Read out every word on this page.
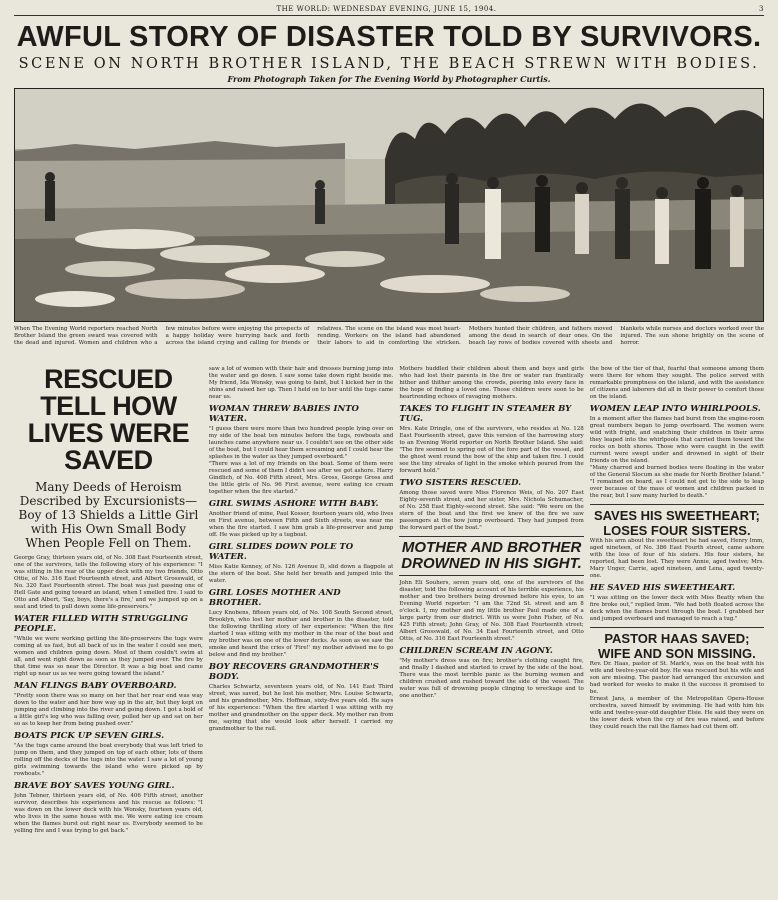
THE WORLD: WEDNESDAY EVENING, JUNE 15, 1904.	3
AWFUL STORY OF DISASTER TOLD BY SURVIVORS.
SCENE ON NORTH BROTHER ISLAND, THE BEACH STREWN WITH BODIES.
From Photograph Taken for The Evening World by Photographer Curtis.
When The Evening World reporters reached North Brother Island the green sward was covered with the dead and injured. Women and children who a few minutes before were enjoying the prospects of a happy holiday were hurrying back and forth across the island crying and calling for friends or relatives. The scene on the island was most heart-rending. Workers on the island had abandoned their labors to aid in comforting the stricken. Mothers hunted their children, and fathers moved among the dead in search of dear ones. On the beach lay rows of bodies covered with sheets and blankets while nurses and doctors worked over the injured. The sun shone brightly on the scene of horror.
RESCUED TELL HOW LIVES WERE SAVED
Many Deeds of Heroism Described by Excursionists—Boy of 13 Shields a Little Girl with His Own Small Body When People Fell on Them.
George Gray, thirteen years old, of No. 308 East Fourteenth street, one of the survivors, tells the following story of his experience: "I was sitting in the rear of the upper deck with my two friends, Otto Ottie, of No. 316 East Fourteenth street, and Albert Grosswald, of No. 320 East Fourteenth street. The boat was just passing one of Hell Gate and going toward an island, when I smelled fire. I said to Otto and Albert, 'Say, boys, there's a fire,' and we jumped up on a seat and tried to pull down some life-preservers."
WATER FILLED WITH STRUGGLING PEOPLE.
"While we were working getting the life-preservers the tugs were coming at us fast, but all back of us in the water I could see men, women and children going down. Most of them couldn't swim at all, and went right down as soon as they jumped over. The fire by that time was so near the Director. It was a big boat and came right up near us as we were going toward the island."
MAN FLINGS BABY OVERBOARD.
"Pretty soon there was so many on her that her rear end was way down to the water and her bow way up in the air, but they kept on jumping and climbing into the river and going down. I got a hold of a little girl's leg who was falling over, pulled her up and sat on her so as to keep her from being pushed over."
BOATS PICK UP SEVEN GIRLS.
"As the tugs came around the boat everybody that was left tried to jump on them, and they jumped on top of each other, lots of them rolling off the decks of the tugs into the water. I saw a lot of young girls swimming towards the island who were picked up by rowboats."
BRAVE BOY SAVES YOUNG GIRL.
John Tebner, thirteen years old, of No. 406 Fifth street, another survivor, describes his experiences and his rescue as follows: "I was down on the lower deck with his Wonsky, fourteen years old, who lives in the same house with me. We were eating ice cream when the flames burst out right near us. Everybody seemed to be yelling fire and I was trying to get back."
saw a lot of women with their hair and dresses burning jump into the water and go down. I saw some take down right beside me. My friend, Ida Wonsky, was going to faint, but I kicked her in the shins and raised her up. Then I held on to her until the tugs came near us.
WOMAN THREW BABIES INTO WATER.
"I guess there were more than two hundred people lying over on my side of the boat ten minutes before the tugs, rowboats and launches came anywhere near us. I couldn't see on the other side of the boat, but I could hear them screaming and I could hear the splashes in the water as they jumped overboard."
"There was a lot of my friends on the boat. Some of them were rescued and some of them I didn't see after we got ashore. Harry Gindlich, of No. 408 Fifth street, Mrs. Gross, George Gross and the little girls of No. 96 First avenue, were eating ice cream together when the fire started."
GIRL SWIMS ASHORE WITH BABY.
Another friend of mine, Paul Kosser, fourteen years old, who lives on First avenue, between Fifth and Sixth streets, was near me when the fire started. I saw him grab a life-preserver and jump off. He was picked up by a tugboat.
GIRL SLIDES DOWN POLE TO WATER.
Miss Katie Kenney, of No. 126 Avenue D, slid down a flagpole at the stern of the boat. She held her breath and jumped into the water.
GIRL LOSES MOTHER AND BROTHER.
Lucy Knobens, fifteen years old, of No. 108 South Second street, Brooklyn, who lost her mother and brother in the disaster, told the following thrilling story of her experience: "When the fire started I was sitting with my mother in the rear of the boat and my brother was on one of the lower decks. As soon as we saw the smoke and heard the cries of 'Fire!' my mother advised me to go below and find my brother."
BOY RECOVERS GRANDMOTHER'S BODY.
Charles Schwartz, seventeen years old, of No. 141 East Third street, was saved, but he lost his mother, Mrs. Louise Schwartz, and his grandmother, Mrs. Hoffman, sixty-five years old. He says of his experience: "When the fire started I was sitting with my mother and grandmother on the upper deck. My mother ran from me, saying that she would look after herself. I carried my grandmother to the rail.
Mothers huddled their children about them and boys and girls who had lost their parents in the fire or water ran frantically hither and thither among the crowds, peering into every face in the hope of finding a loved one. Those children were soon to be heartrending echoes of ravaging mothers.
TAKES TO FLIGHT IN STEAMER BY TUG.
Mrs. Kate Dringle, one of the survivors, who resides at No. 128 East Fourteenth street, gave this version of the harrowing story to an Evening World reporter on North Brother Island. She said: "The fire seemed to spring out of the fore part of the vessel, and the ghost went round the bow of the ship and taken fire. I could see the tiny streaks of light in the smoke which poured from the forward hold."
TWO SISTERS RESCUED.
Among those saved were Miss Florence Weis, of No. 207 East Eighty-seventh street, and her sister, Mrs. Nichola Schumacher, of No. 258 East Eighty-second street. She said: "We were on the stern of the boat and the first we knew of the fire we saw passengers at the bow jump overboard. They had jumped from the forward part of the boat."
MOTHER AND BROTHER DROWNED IN HIS SIGHT.
John Eli Souhers, seven years old, one of the survivors of the disaster, told the following account of his terrible experience, his mother and two brothers being drowned before his eyes, to an Evening World reporter: "I am the 72nd St. street and am 8 o'clock. I, my mother and my little brother Paul made one of a large party from our district. With us were John Fisher, of No. 425 Fifth street; John Gray, of No. 308 East Fourteenth street; Albert Grosswald, of No. 34 East Fourteenth street, and Otto Ottis, of No. 316 East Fourteenth street."
CHILDREN SCREAM IN AGONY.
"My mother's dress was on fire; brother's clothing caught fire, and finally I dashed and started to crawl by the side of the boat. There was the most terrible panic as the burning women and children crushed and rushed toward the side of the vessel. The water was full of drowning people clinging to wreckage and to one another."
the bow of the tier of that, fearful that someone among them were there for whom they sought. The police served with remarkable promptness on the island, and with the assistance of citizens and laborers did all in their power to comfort those on the island.
WOMEN LEAP INTO WHIRLPOOLS.
In a moment after the flames had burst from the engine-room great numbers began to jump overboard. The women were wild with fright, and snatching their children in their arms they leaped into the whirlpools that carried them toward the rocks on both shores. Those who were caught in the swift current were swept under and drowned in sight of their friends on the island.
"Many charred and burned bodies were floating in the water of the General Slocum as she made for North Brother Island." "I remained on board, as I could not get to the side to leap over because of the mass of women and children packed in the rear, but I saw many hurled to death."
SAVES HIS SWEETHEART; LOSES FOUR SISTERS.
With his arm about the sweetheart he had saved, Henry Imm, aged nineteen, of No. 386 East Fourth street, came ashore with the loss of four of his sisters. His four sisters, he reported, had been lost. They were Annie, aged twelve; Mrs. Mary Unger, Carrie, aged nineteen, and Lena, aged twenty-one.
HE SAVED HIS SWEETHEART.
"I was sitting on the lower deck with Miss Beatty when the fire broke out," replied Imm. "We had both floated across the deck when the flames burst through the boat. I grabbed her and jumped overboard and managed to reach a tug."
PASTOR HAAS SAVED; WIFE AND SON MISSING.
Rev. Dr. Haas, pastor of St. Mark's, was on the boat with his wife and twelve-year-old boy. He was rescued but his wife and son are missing. The pastor had arranged the excursion and had worked for weeks to make it the success it promised to be.
Ernest Jans, a member of the Metropolitan Opera-House orchestra, saved himself by swimming. He had with him his wife and twelve-year-old daughter Elsie. He said they were on the lower deck when the cry of fire was raised, and before they could reach the rail the flames had cut them off.
